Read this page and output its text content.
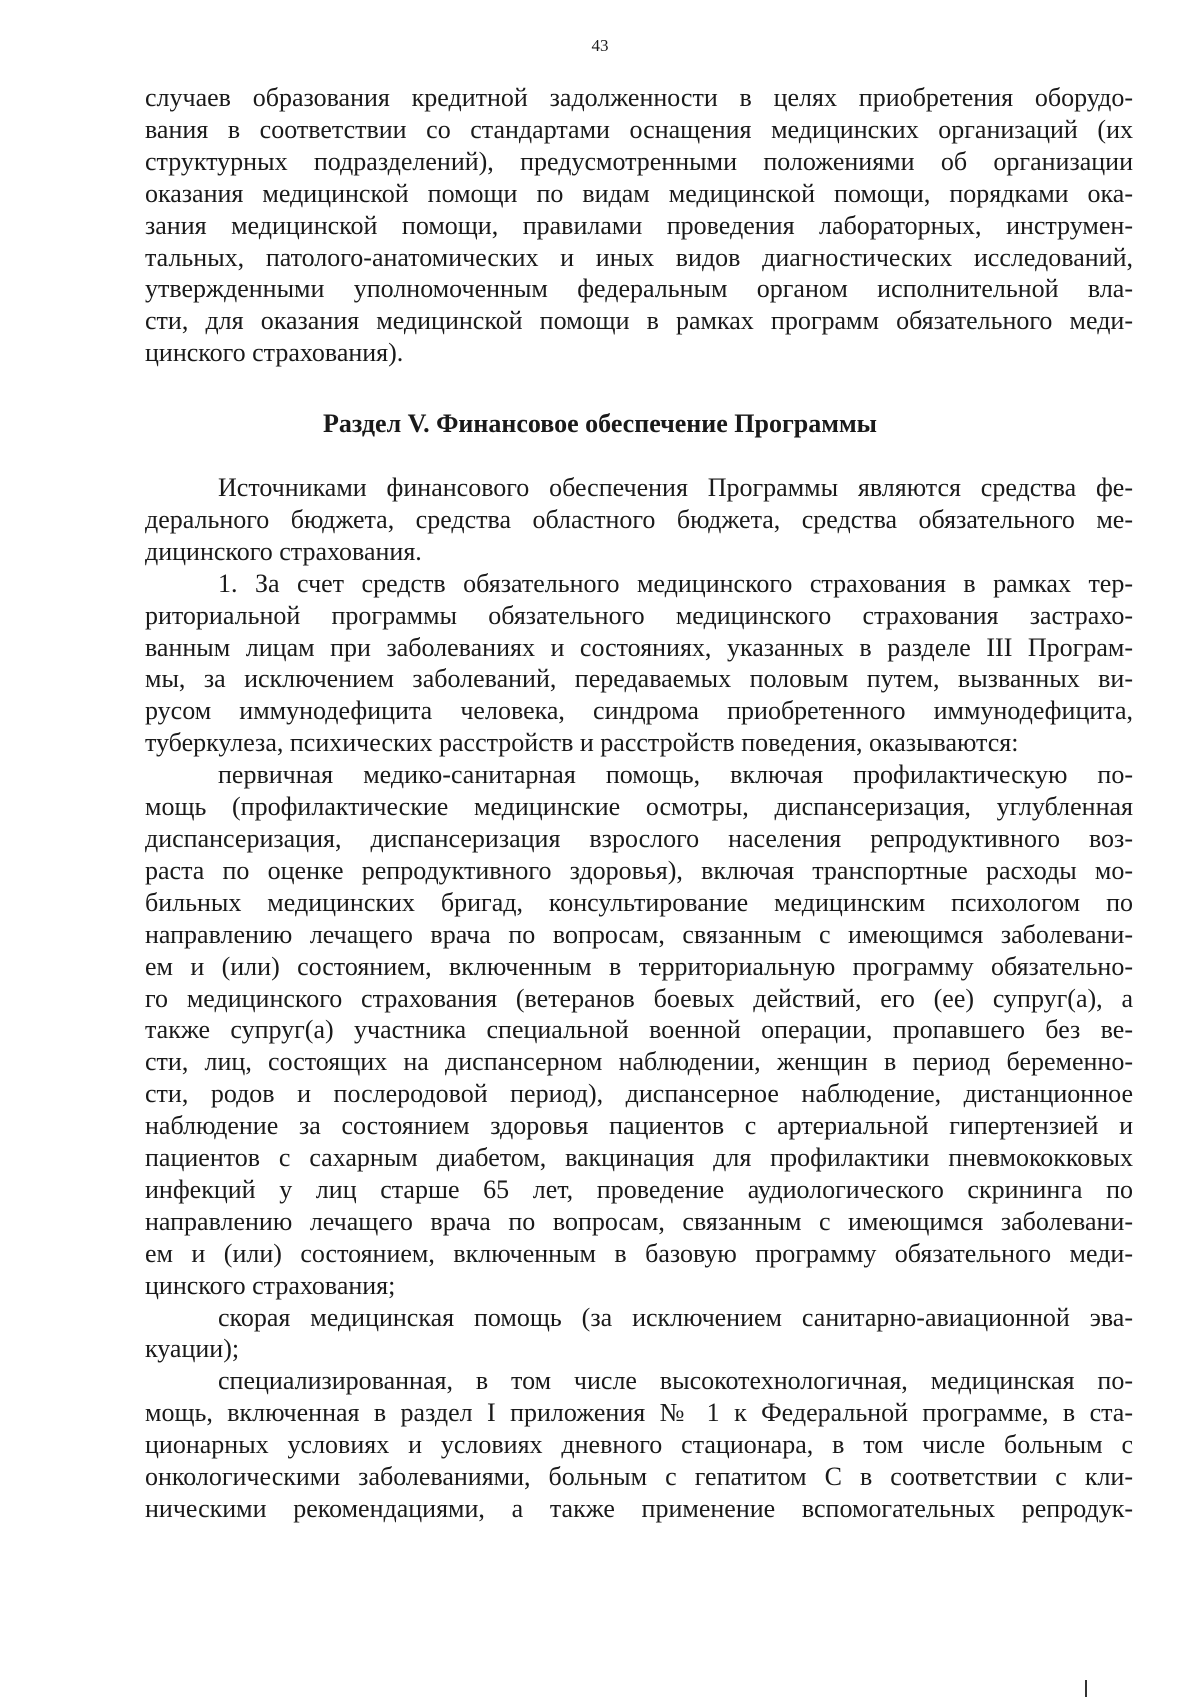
43

случаев образования кредитной задолженности в целях приобретения оборудо-

вания в соответствии со стандартами оснащения медицинских организаций (их

структурных подразделений), предусмотренными положениями об организации

оказания медицинской помощи по видам медицинской помощи, порядками ока-

зания медицинской помощи, правилами проведения лабораторных, инструмен-

тальных, патолого-анатомических и иных видов диагностических исследований,

утвержденными уполномоченным федеральным органом исполнительной вла-

сти, для оказания медицинской помощи в рамках программ обязательного меди-

цинского страхования).

Раздел V. Финансовое обеспечение Программы

Источниками финансового обеспечения Программы являются средства фе-

дерального бюджета, средства областного бюджета, средства обязательного ме-

дицинского страхования.

1. За счет средств обязательного медицинского страхования в рамках тер-

риториальной программы обязательного медицинского страхования застрахо-

ванным лицам при заболеваниях и состояниях, указанных в разделе III Програм-

мы, за исключением заболеваний, передаваемых половым путем, вызванных ви-

русом иммунодефицита человека, синдрома приобретенного иммунодефицита,

туберкулеза, психических расстройств и расстройств поведения, оказываются:

первичная медико-санитарная помощь, включая профилактическую по-

мощь (профилактические медицинские осмотры, диспансеризация, углубленная

диспансеризация, диспансеризация взрослого населения репродуктивного воз-

раста по оценке репродуктивного здоровья), включая транспортные расходы мо-

бильных медицинских бригад, консультирование медицинским психологом по

направлению лечащего врача по вопросам, связанным с имеющимся заболевани-

ем и (или) состоянием, включенным в территориальную программу обязательно-

го медицинского страхования (ветеранов боевых действий, его (ее) супруг(а), а

также супруг(а) участника специальной военной операции, пропавшего без ве-

сти, лиц, состоящих на диспансерном наблюдении, женщин в период беременно-

сти, родов и послеродовой период), диспансерное наблюдение, дистанционное

наблюдение за состоянием здоровья пациентов с артериальной гипертензией и

пациентов с сахарным диабетом, вакцинация для профилактики пневмококковых

инфекций у лиц старше 65 лет, проведение аудиологического скрининга по

направлению лечащего врача по вопросам, связанным с имеющимся заболевани-

ем и (или) состоянием, включенным в базовую программу обязательного меди-

цинского страхования;

скорая медицинская помощь (за исключением санитарно-авиационной эва-

куации);

специализированная, в том числе высокотехнологичная, медицинская по-

мощь, включенная в раздел I приложения № 1 к Федеральной программе, в ста-

ционарных условиях и условиях дневного стационара, в том числе больным с

онкологическими заболеваниями, больным с гепатитом C в соответствии с кли-

ническими рекомендациями, а также применение вспомогательных репродук-
